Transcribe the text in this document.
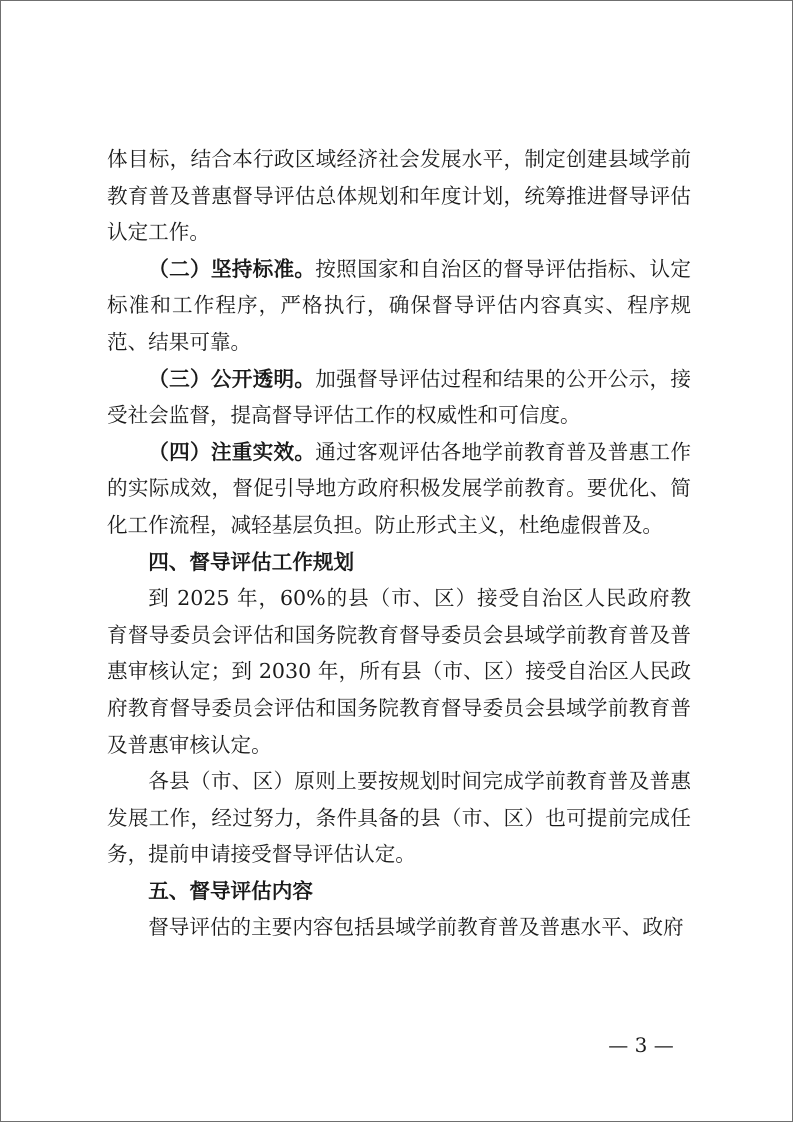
体目标，结合本行政区域经济社会发展水平，制定创建县域学前教育普及普惠督导评估总体规划和年度计划，统筹推进督导评估认定工作。

（二）坚持标准。按照国家和自治区的督导评估指标、认定标准和工作程序，严格执行，确保督导评估内容真实、程序规范、结果可靠。

（三）公开透明。加强督导评估过程和结果的公开公示，接受社会监督，提高督导评估工作的权威性和可信度。

（四）注重实效。通过客观评估各地学前教育普及普惠工作的实际成效，督促引导地方政府积极发展学前教育。要优化、简化工作流程，减轻基层负担。防止形式主义，杜绝虚假普及。

四、督导评估工作规划

到 2025 年，60%的县（市、区）接受自治区人民政府教育督导委员会评估和国务院教育督导委员会县域学前教育普及普惠审核认定；到 2030 年，所有县（市、区）接受自治区人民政府教育督导委员会评估和国务院教育督导委员会县域学前教育普及普惠审核认定。

各县（市、区）原则上要按规划时间完成学前教育普及普惠发展工作，经过努力，条件具备的县（市、区）也可提前完成任务，提前申请接受督导评估认定。

五、督导评估内容

督导评估的主要内容包括县域学前教育普及普惠水平、政府

— 3 —
